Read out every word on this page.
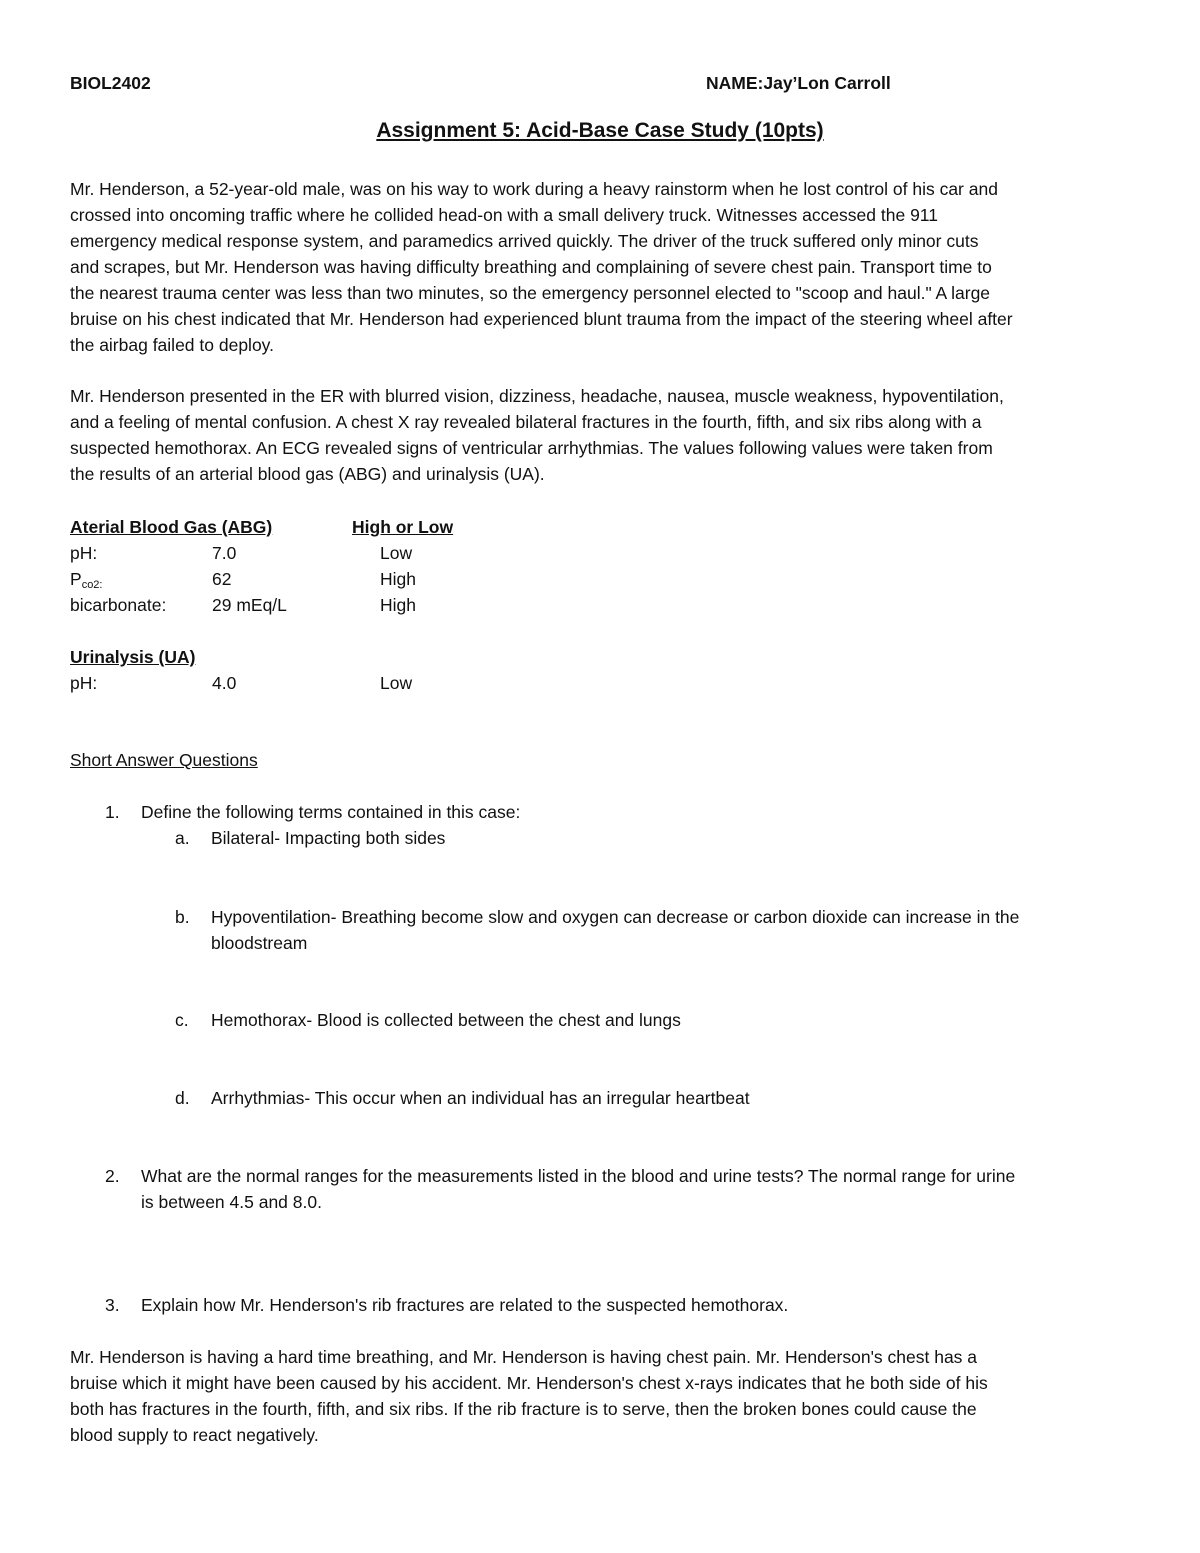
BIOL2402	NAME:Jay’Lon Carroll
Assignment 5: Acid-Base Case Study (10pts)
Mr. Henderson, a 52-year-old male, was on his way to work during a heavy rainstorm when he lost control of his car and
crossed into oncoming traffic where he collided head-on with a small delivery truck. Witnesses accessed the 911
emergency medical response system, and paramedics arrived quickly. The driver of the truck suffered only minor cuts
and scrapes, but Mr. Henderson was having difficulty breathing and complaining of severe chest pain. Transport time to
the nearest trauma center was less than two minutes, so the emergency personnel elected to "scoop and haul." A large
bruise on his chest indicated that Mr. Henderson had experienced blunt trauma from the impact of the steering wheel after
the airbag failed to deploy.
Mr. Henderson presented in the ER with blurred vision, dizziness, headache, nausea, muscle weakness, hypoventilation,
and a feeling of mental confusion. A chest X ray revealed bilateral fractures in the fourth, fifth, and six ribs along with a
suspected hemothorax. An ECG revealed signs of ventricular arrhythmias. The values following values were taken from
the results of an arterial blood gas (ABG) and urinalysis (UA).
Aterial Blood Gas (ABG)	High or Low
pH:	7.0	Low
$P_{co2:}$	62	High
bicarbonate:	29 mEq/L	High
Urinalysis (UA)
pH:	4.0	Low
Short Answer Questions
1. Define the following terms contained in this case:
a. Bilateral- Impacting both sides
b. Hypoventilation- Breathing become slow and oxygen can decrease or carbon dioxide can increase in the
bloodstream
c. Hemothorax- Blood is collected between the chest and lungs
d. Arrhythmias- This occur when an individual has an irregular heartbeat
2. What are the normal ranges for the measurements listed in the blood and urine tests? The normal range for urine
is between 4.5 and 8.0.
3. Explain how Mr. Henderson's rib fractures are related to the suspected hemothorax.
Mr. Henderson is having a hard time breathing, and Mr. Henderson is having chest pain. Mr. Henderson's chest has a
bruise which it might have been caused by his accident. Mr. Henderson's chest x-rays indicates that he both side of his
both has fractures in the fourth, fifth, and six ribs. If the rib fracture is to serve, then the broken bones could cause the
blood supply to react negatively.
